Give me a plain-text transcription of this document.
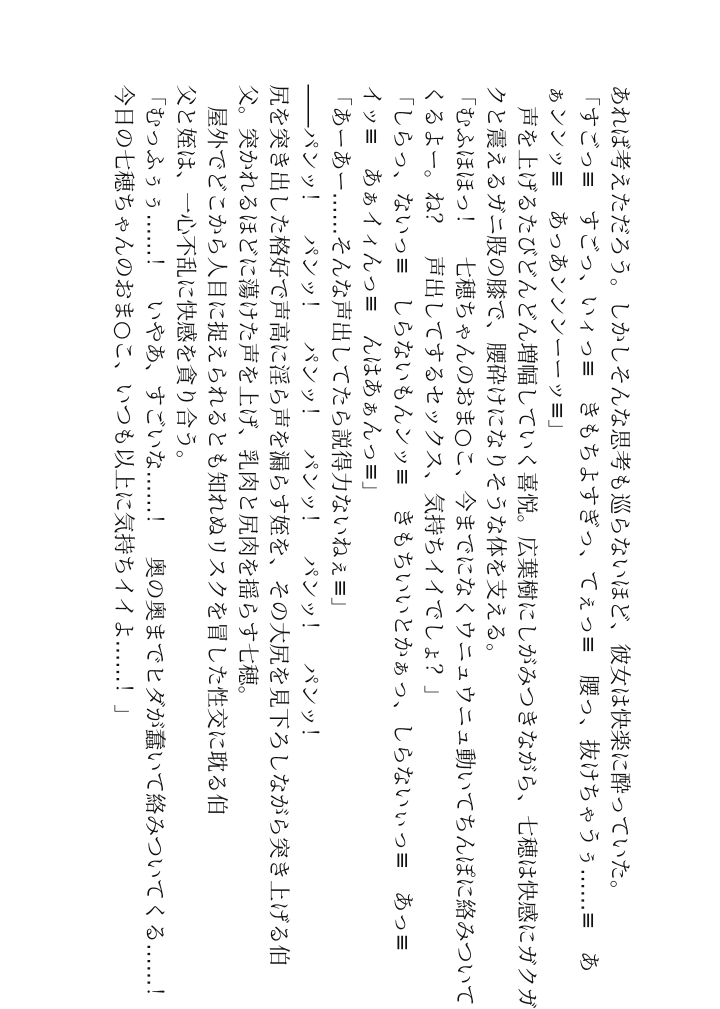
あれば考えただろう。しかしそんな思考も巡らないほど、彼女は快楽に酔っていた。
「すごっ≡　すごっ、いィっ≡　きもちよすぎっ、てぇっ≡　腰っ、抜けちゃうぅ……≡　あ
ぁンンッ≡　あっあンンンーーッ≡」
　声を上げるたびどんどん増幅していく喜悦。広葉樹にしがみつきながら、七穂は快感にガクガ
クと震えるガニ股の膝で、腰砕けになりそうな体を支える。
「むふほほっ！　七穂ちゃんのおま○こ、今までになくウニュウニュ動いてちんぽに絡みついて
くるよー。ね？　声出してするセックス、気持ちイイでしょ？」
「しらっ、ないっ≡　しらないもんンッ≡　きもちいいとかぁっ、しらないぃっ≡　あっ≡
イッ≡　あぁイィんっ≡　んはあぁんっ≡」
「あーあー……そんな声出してたら説得力ないねぇ≡」
――パンッ！　パンッ！　パンッ！　パンッ！　パンッ！　パンッ！
尻を突き出した格好で声高に淫ら声を漏らす姪を、その大尻を見下ろしながら突き上げる伯
父。突かれるほどに蕩けた声を上げ、乳肉と尻肉を揺らす七穂。
　屋外でどこから人目に捉えられるとも知れぬリスクを冒した性交に耽る伯
父と姪は、一心不乱に快感を貪り合う。
「むっふぅぅ……！　いやあ、すごいな……！　奥の奥までヒダが蠢いて絡みついてくる……！
今日の七穂ちゃんのおま○こ、いつも以上に気持ちイイよ……！」
